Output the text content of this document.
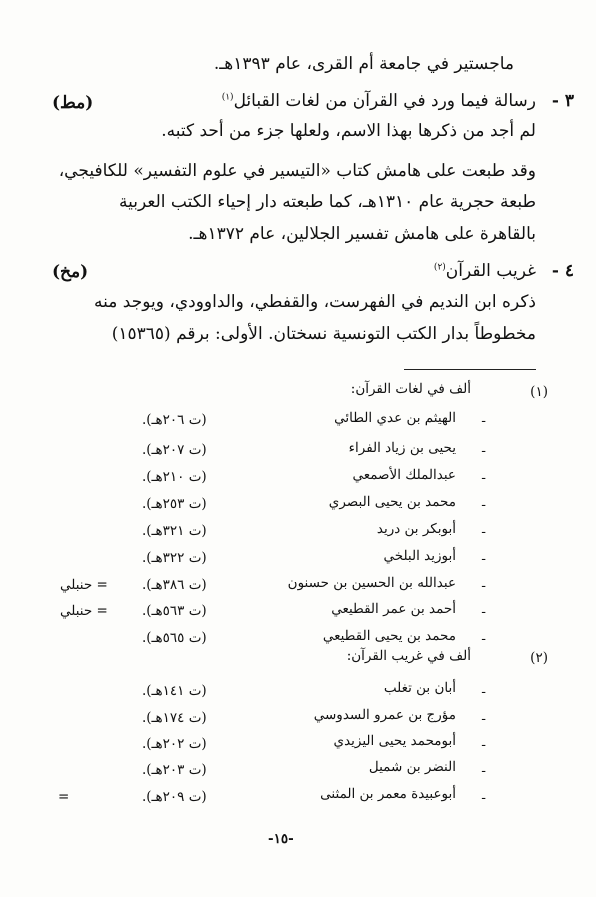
ماجستير في جامعة أم القرى، عام ١٣٩٣هـ.
٣ -
رسالة فيما ورد في القرآن من لغات القبائل$^{(١)}$
(مط)
لم أجد من ذكرها بهذا الاسم، ولعلها جزء من أحد كتبه.
وقد طبعت على هامش كتاب «التيسير في علوم التفسير» للكافيجي،
طبعة حجرية عام ١٣١٠هـ، كما طبعته دار إحياء الكتب العربية
بالقاهرة على هامش تفسير الجلالين، عام ١٣٧٢هـ.
٤ -
غريب القرآن$^{(٢)}$
(مخ)
ذكره ابن النديم في الفهرست، والقفطي، والداوودي، ويوجد منه
مخطوطاً بدار الكتب التونسية نسختان. الأولى: برقم (١٥٣٦٥)
(١)
ألف في لغات القرآن:
-
الهيثم بن عدي الطائي
(ت ٢٠٦هـ).
-
يحيى بن زياد الفراء
(ت ٢٠٧هـ).
-
عبدالملك الأصمعي
(ت ٢١٠هـ).
-
محمد بن يحيى البصري
(ت ٢٥٣هـ).
-
أبوبكر بن دريد
(ت ٣٢١هـ).
-
أبوزيد البلخي
(ت ٣٢٢هـ).
-
عبدالله بن الحسين بن حسنون
(ت ٣٨٦هـ).
= حنبلي
-
أحمد بن عمر القطيعي
(ت ٥٦٣هـ).
= حنبلي
-
محمد بن يحيى القطيعي
(ت ٥٦٥هـ).
(٢)
ألف في غريب القرآن:
-
أبان بن تغلب
(ت ١٤١هـ).
-
مؤرج بن عمرو السدوسي
(ت ١٧٤هـ).
-
أبومحمد يحيى اليزيدي
(ت ٢٠٢هـ).
-
النضر بن شميل
(ت ٢٠٣هـ).
-
أبوعبيدة معمر بن المثنى
(ت ٢٠٩هـ).
=
-١٥-
